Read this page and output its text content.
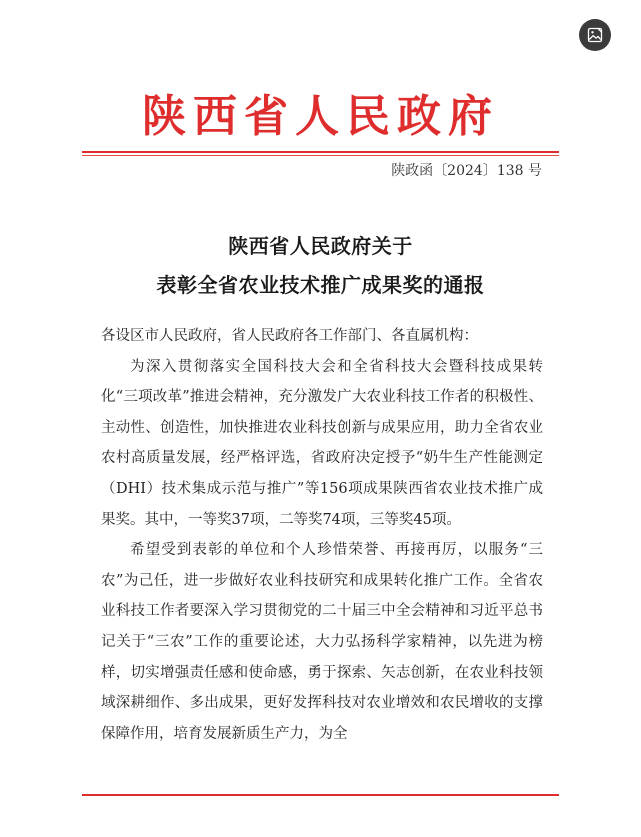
陕西省人民政府
陕政函〔2024〕138 号
陕西省人民政府关于
表彰全省农业技术推广成果奖的通报

各设区市人民政府，省人民政府各工作部门、各直属机构：

为深入贯彻落实全国科技大会和全省科技大会暨科技成果转化“三项改革”推进会精神，充分激发广大农业科技工作者的积极性、主动性、创造性，加快推进农业科技创新与成果应用，助力全省农业农村高质量发展，经严格评选，省政府决定授予“奶牛生产性能测定（DHI）技术集成示范与推广”等156项成果陕西省农业技术推广成果奖。其中，一等奖37项，二等奖74项，三等奖45项。

希望受到表彰的单位和个人珍惜荣誉、再接再厉，以服务“三农”为己任，进一步做好农业科技研究和成果转化推广工作。全省农业科技工作者要深入学习贯彻党的二十届三中全会精神和习近平总书记关于“三农”工作的重要论述，大力弘扬科学家精神，以先进为榜样，切实增强责任感和使命感，勇于探索、矢志创新，在农业科技领域深耕细作、多出成果，更好发挥科技对农业增效和农民增收的支撑保障作用，培育发展新质生产力，为全
